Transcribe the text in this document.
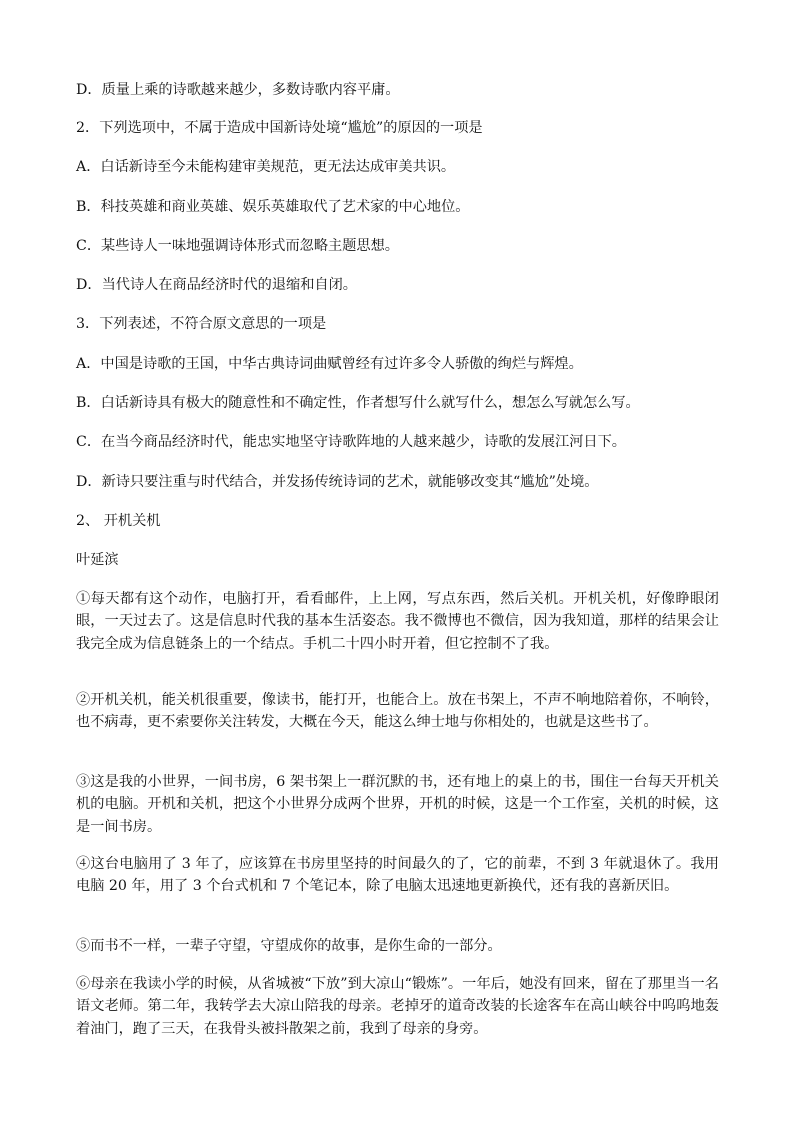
D．质量上乘的诗歌越来越少，多数诗歌内容平庸。

2．下列选项中，不属于造成中国新诗处境“尴尬”的原因的一项是

A．白话新诗至今未能构建审美规范，更无法达成审美共识。

B．科技英雄和商业英雄、娱乐英雄取代了艺术家的中心地位。

C．某些诗人一味地强调诗体形式而忽略主题思想。

D．当代诗人在商品经济时代的退缩和自闭。

3．下列表述，不符合原文意思的一项是

A．中国是诗歌的王国，中华古典诗词曲赋曾经有过许多令人骄傲的绚烂与辉煌。

B．白话新诗具有极大的随意性和不确定性，作者想写什么就写什么，想怎么写就怎么写。

C．在当今商品经济时代，能忠实地坚守诗歌阵地的人越来越少，诗歌的发展江河日下。

D．新诗只要注重与时代结合，并发扬传统诗词的艺术，就能够改变其“尴尬”处境。

2、 开机关机

叶延滨

①每天都有这个动作，电脑打开，看看邮件，上上网，写点东西，然后关机。开机关机，好像睁眼闭眼，一天过去了。这是信息时代我的基本生活姿态。我不微博也不微信，因为我知道，那样的结果会让我完全成为信息链条上的一个结点。手机二十四小时开着，但它控制不了我。

②开机关机，能关机很重要，像读书，能打开，也能合上。放在书架上，不声不响地陪着你，不响铃，也不病毒，更不索要你关注转发，大概在今天，能这么绅士地与你相处的，也就是这些书了。

③这是我的小世界，一间书房，6 架书架上一群沉默的书，还有地上的桌上的书，围住一台每天开机关机的电脑。开机和关机，把这个小世界分成两个世界，开机的时候，这是一个工作室，关机的时候，这是一间书房。

④这台电脑用了 3 年了，应该算在书房里坚持的时间最久的了，它的前辈，不到 3 年就退休了。我用电脑 20 年，用了 3 个台式机和 7 个笔记本，除了电脑太迅速地更新换代，还有我的喜新厌旧。

⑤而书不一样，一辈子守望，守望成你的故事，是你生命的一部分。

⑥母亲在我读小学的时候，从省城被“下放”到大凉山“锻炼”。一年后，她没有回来，留在了那里当一名语文老师。第二年，我转学去大凉山陪我的母亲。老掉牙的道奇改装的长途客车在高山峡谷中呜呜地轰着油门，跑了三天，在我骨头被抖散架之前，我到了母亲的身旁。
